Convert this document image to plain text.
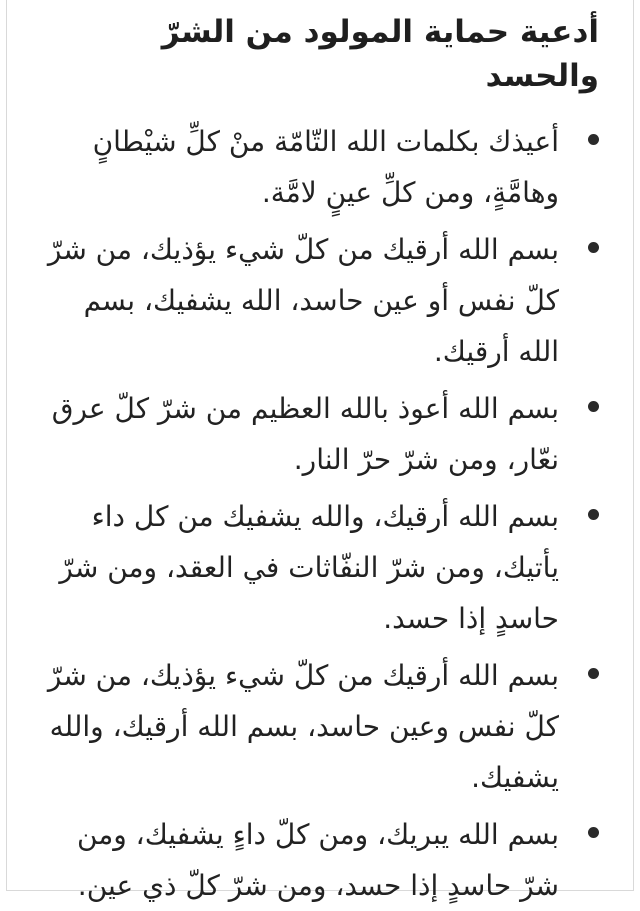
أدعية حماية المولود من الشرّ والحسد
أعيذك بكلمات الله التّامّة منْ كلِّ شيْطانٍ وهامَّةٍ، ومن كلِّ عينٍ لامَّة.
بسم الله أرقيك من كلّ شيء يؤذيك، من شرّ كلّ نفس أو عين حاسد، الله يشفيك، بسم الله أرقيك.
بسم الله أعوذ بالله العظيم من شرّ كلّ عرق نعّار، ومن شرّ حرّ النار.
بسم الله أرقيك، والله يشفيك من كل داء يأتيك، ومن شرّ النفّاثات في العقد، ومن شرّ حاسدٍ إذا حسد.
بسم الله أرقيك من كلّ شيء يؤذيك، من شرّ كلّ نفس وعين حاسد، بسم الله أرقيك، والله يشفيك.
بسم الله يبريك، ومن كلّ داءٍ يشفيك، ومن شرّ حاسدٍ إذا حسد، ومن شرّ كلّ ذي عين.
